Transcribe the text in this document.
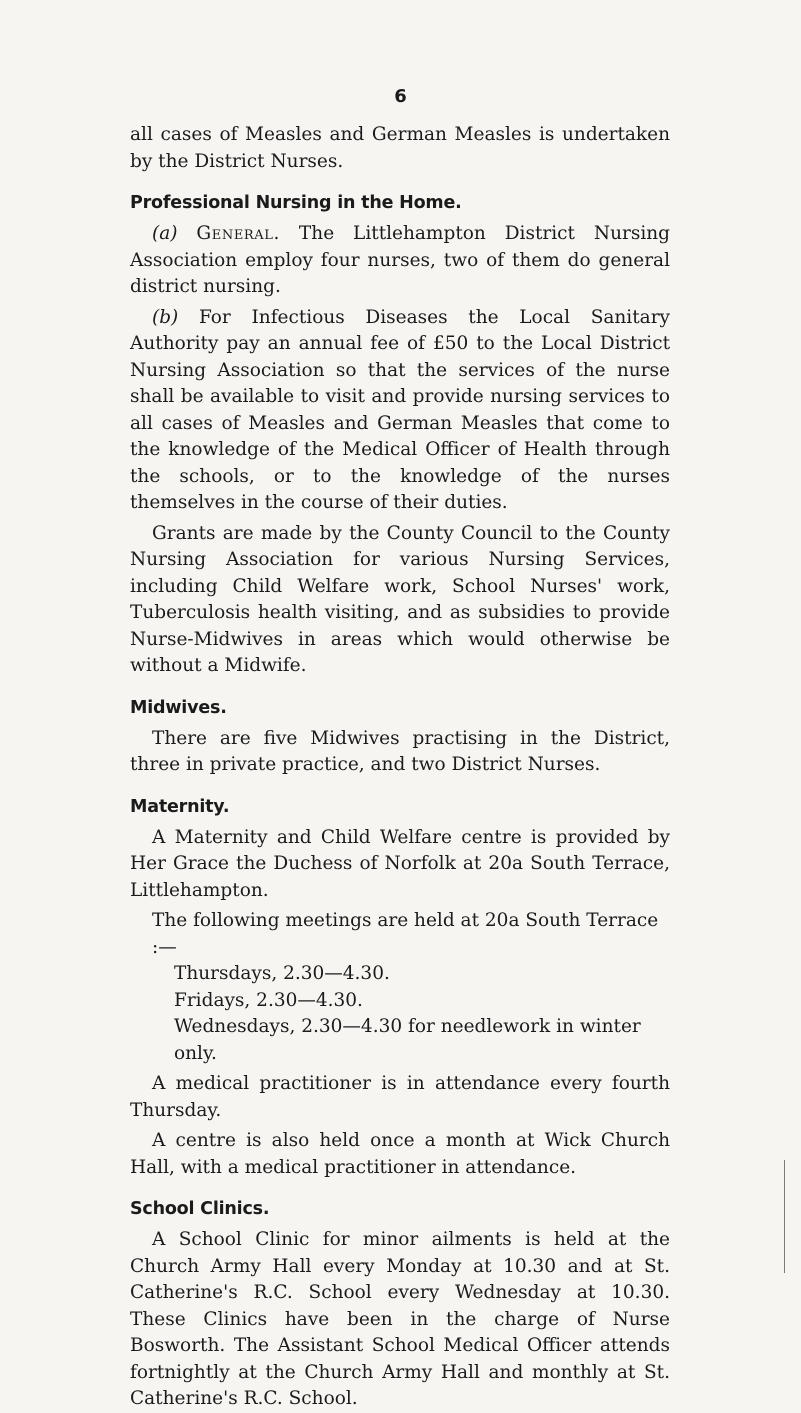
6

all cases of Measles and German Measles is undertaken by the District Nurses.

Professional Nursing in the Home.

(a) General. The Littlehampton District Nursing Association employ four nurses, two of them do general district nursing.

(b) For Infectious Diseases the Local Sanitary Authority pay an annual fee of £50 to the Local District Nursing Association so that the services of the nurse shall be available to visit and provide nursing services to all cases of Measles and German Measles that come to the knowledge of the Medical Officer of Health through the schools, or to the knowledge of the nurses themselves in the course of their duties.

Grants are made by the County Council to the County Nursing Association for various Nursing Services, including Child Welfare work, School Nurses' work, Tuberculosis health visiting, and as subsidies to provide Nurse-Midwives in areas which would otherwise be without a Midwife.

Midwives.

There are five Midwives practising in the District, three in private practice, and two District Nurses.

Maternity.

A Maternity and Child Welfare centre is provided by Her Grace the Duchess of Norfolk at 20a South Terrace, Littlehampton.

The following meetings are held at 20a South Terrace :—

Thursdays, 2.30—4.30.

Fridays, 2.30—4.30.

Wednesdays, 2.30—4.30 for needlework in winter only.

A medical practitioner is in attendance every fourth Thursday.

A centre is also held once a month at Wick Church Hall, with a medical practitioner in attendance.

School Clinics.

A School Clinic for minor ailments is held at the Church Army Hall every Monday at 10.30 and at St. Catherine's R.C. School every Wednesday at 10.30. These Clinics have been in the charge of Nurse Bosworth. The Assistant School Medical Officer attends fortnightly at the Church Army Hall and monthly at St. Catherine's R.C. School.
